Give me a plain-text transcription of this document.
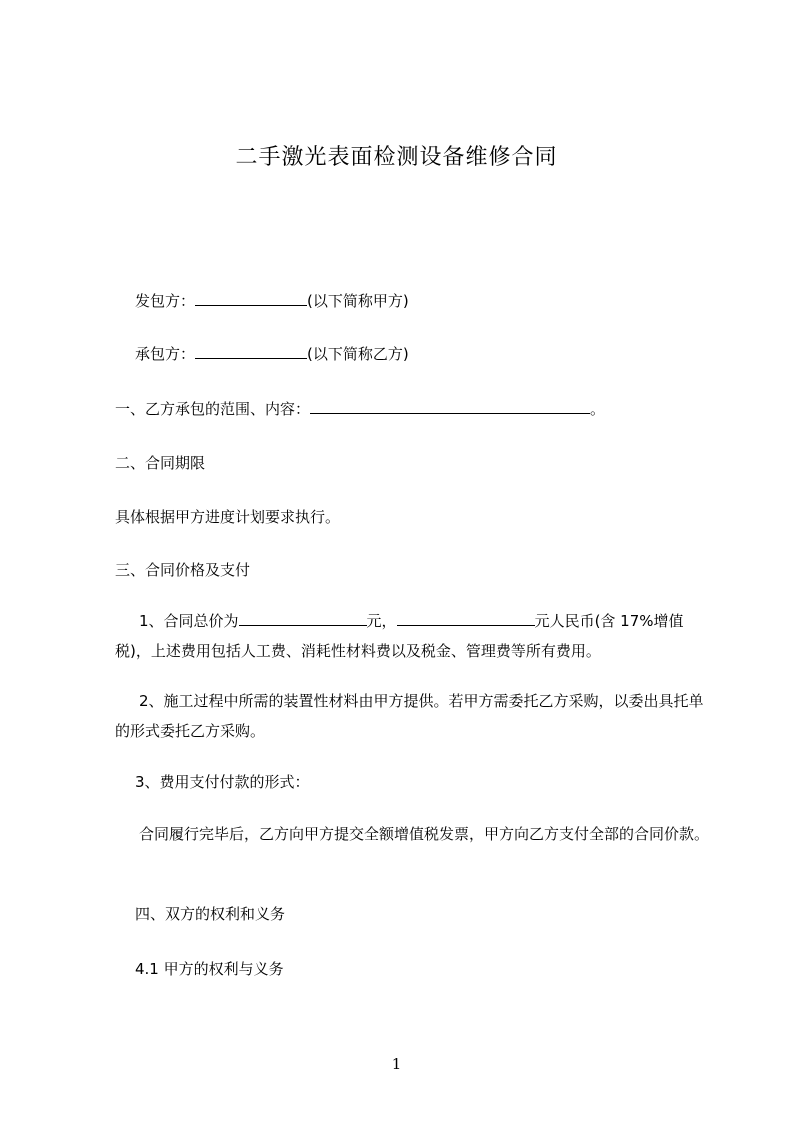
二手激光表面检测设备维修合同

发包方：	(以下简称甲方)

承包方：	(以下简称乙方)

一、乙方承包的范围、内容：	。

二、合同期限

具体根据甲方进度计划要求执行。

三、合同价格及支付

1、合同总价为	元，	元人民币(含 17%增值税)，上述费用包括人工费、消耗性材料费以及税金、管理费等所有费用。

2、施工过程中所需的装置性材料由甲方提供。若甲方需委托乙方采购，以委出具托单的形式委托乙方采购。

3、费用支付付款的形式：

合同履行完毕后，乙方向甲方提交全额增值税发票，甲方向乙方支付全部的合同价款。

四、双方的权利和义务

4.1 甲方的权利与义务

1
